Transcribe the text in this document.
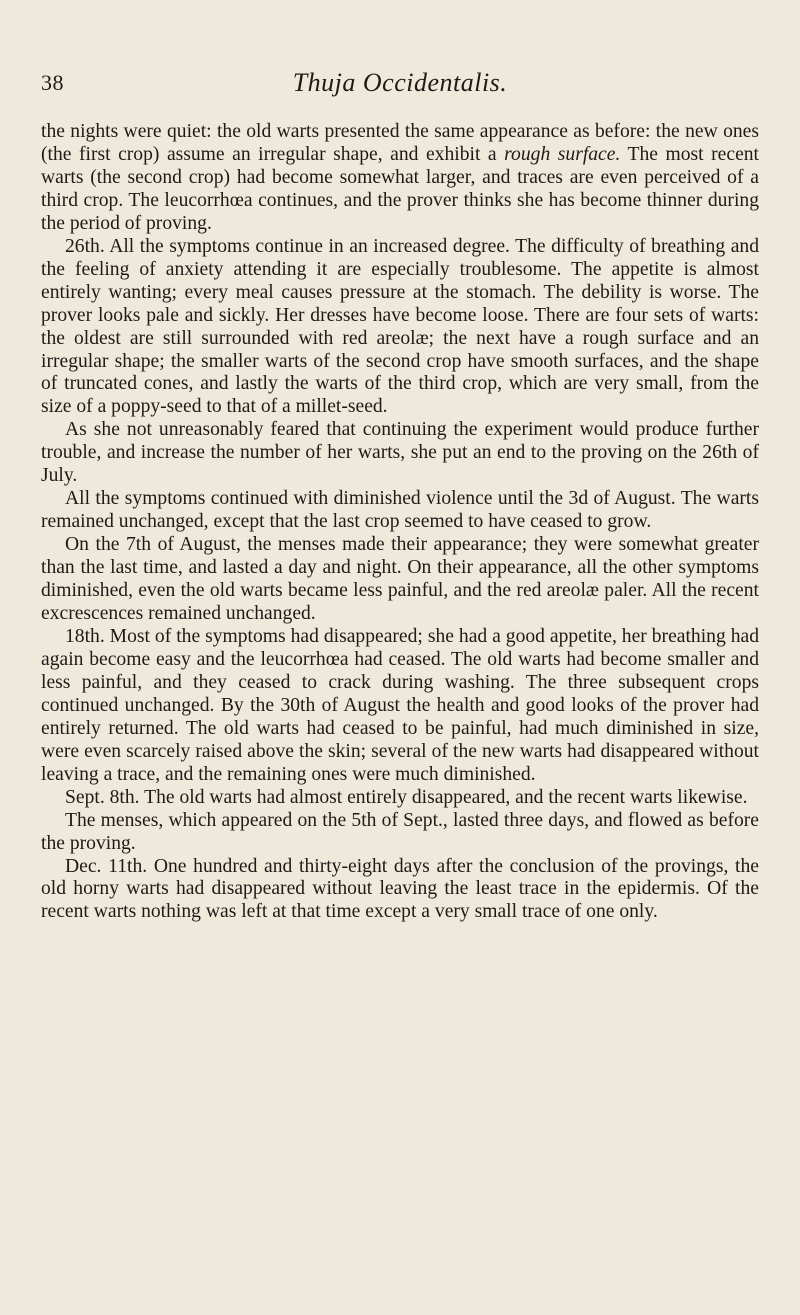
38	Thuja Occidentalis.

the nights were quiet: the old warts presented the same appearance as before: the new ones (the first crop) assume an irregular shape, and exhibit a rough surface. The most recent warts (the second crop) had become somewhat larger, and traces are even perceived of a third crop. The leucorrhœa continues, and the prover thinks she has become thinner during the period of proving.

26th. All the symptoms continue in an increased degree. The difficulty of breathing and the feeling of anxiety attending it are especially troublesome. The appetite is almost entirely wanting; every meal causes pressure at the stomach. The debility is worse. The prover looks pale and sickly. Her dresses have become loose. There are four sets of warts: the oldest are still surrounded with red areolæ; the next have a rough surface and an irregular shape; the smaller warts of the second crop have smooth surfaces, and the shape of truncated cones, and lastly the warts of the third crop, which are very small, from the size of a poppy-seed to that of a millet-seed.

As she not unreasonably feared that continuing the experiment would produce further trouble, and increase the number of her warts, she put an end to the proving on the 26th of July.

All the symptoms continued with diminished violence until the 3d of August. The warts remained unchanged, except that the last crop seemed to have ceased to grow.

On the 7th of August, the menses made their appearance; they were somewhat greater than the last time, and lasted a day and night. On their appearance, all the other symptoms diminished, even the old warts became less painful, and the red areolæ paler. All the recent excrescences remained unchanged.

18th. Most of the symptoms had disappeared; she had a good appetite, her breathing had again become easy and the leucorrhœa had ceased. The old warts had become smaller and less painful, and they ceased to crack during washing. The three subsequent crops continued unchanged. By the 30th of August the health and good looks of the prover had entirely returned. The old warts had ceased to be painful, had much diminished in size, were even scarcely raised above the skin; several of the new warts had disappeared without leaving a trace, and the remaining ones were much diminished.

Sept. 8th. The old warts had almost entirely disappeared, and the recent warts likewise.

The menses, which appeared on the 5th of Sept., lasted three days, and flowed as before the proving.

Dec. 11th. One hundred and thirty-eight days after the conclusion of the provings, the old horny warts had disappeared without leaving the least trace in the epidermis. Of the recent warts nothing was left at that time except a very small trace of one only.
